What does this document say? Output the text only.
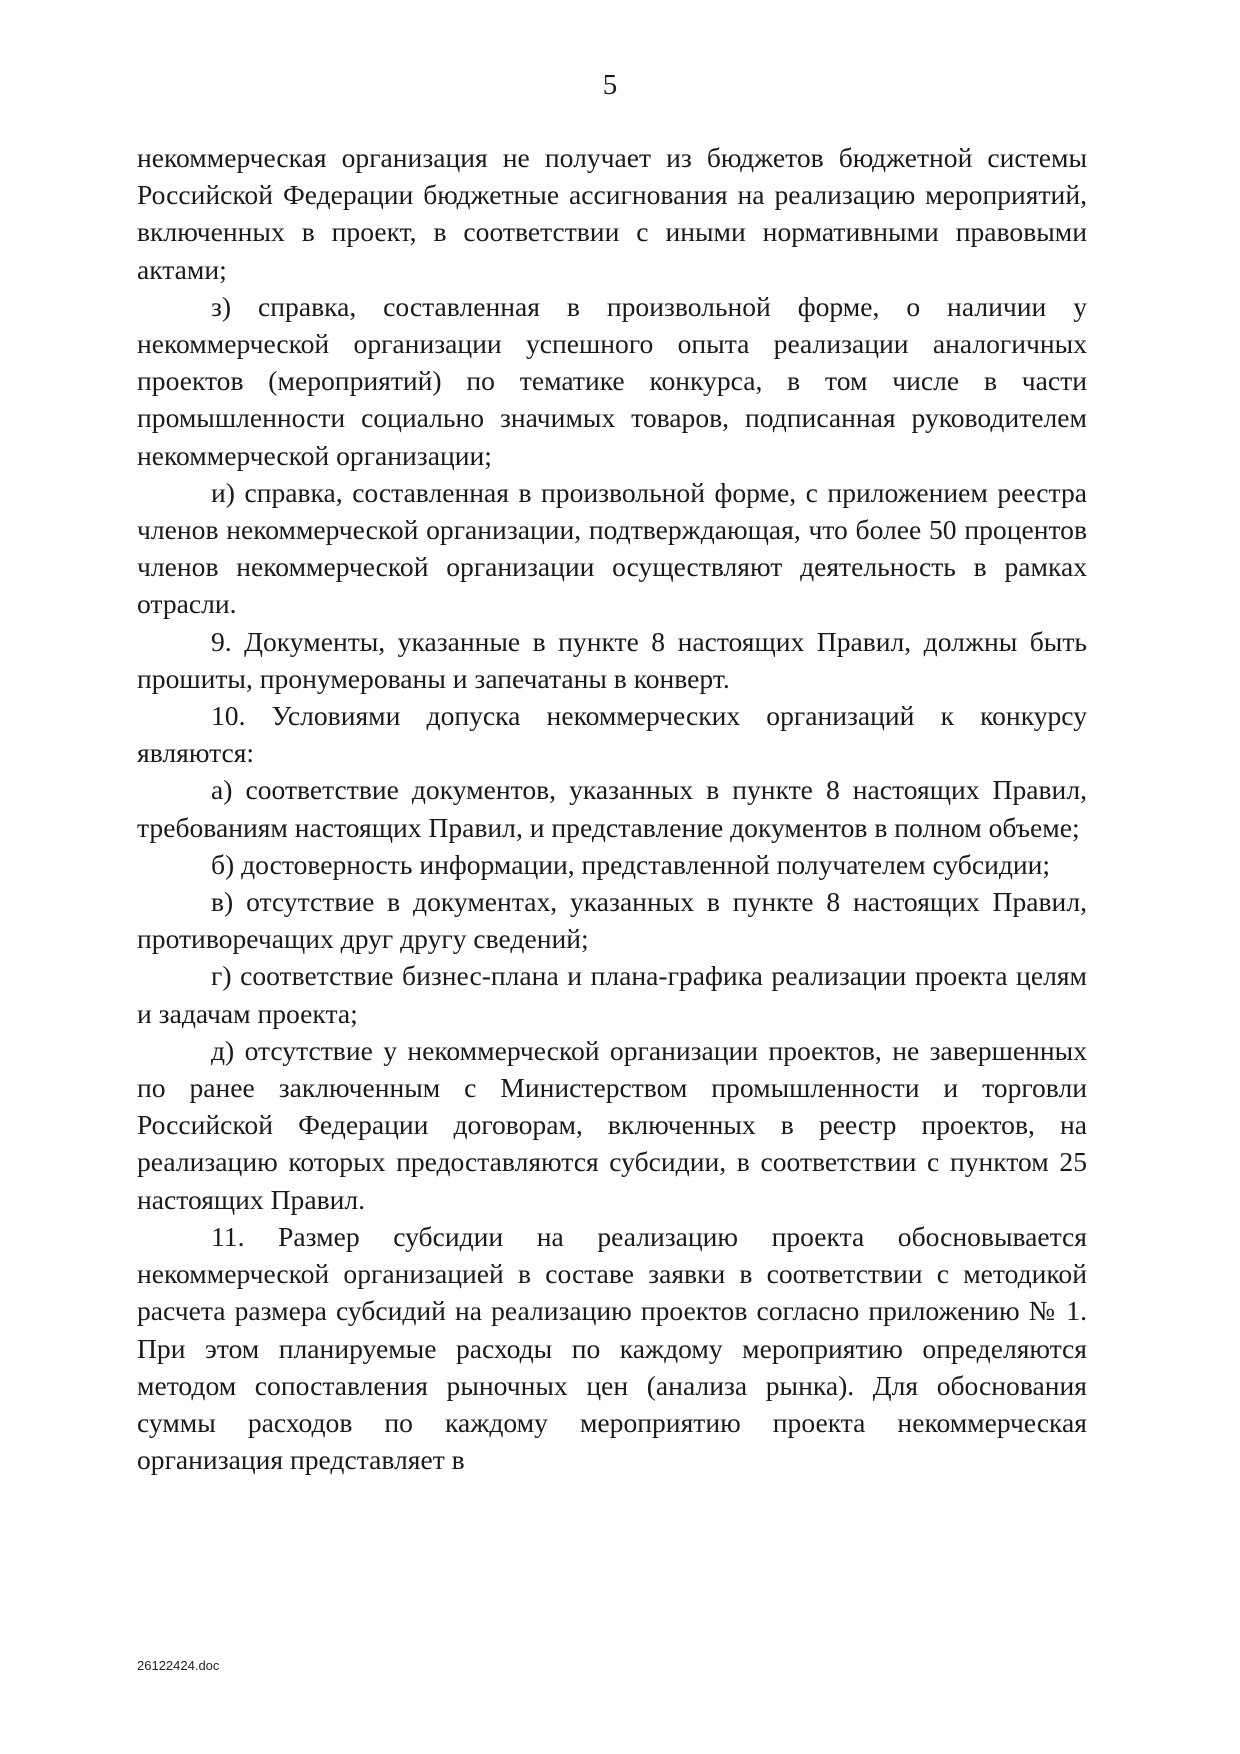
5

некоммерческая организация не получает из бюджетов бюджетной системы Российской Федерации бюджетные ассигнования на реализацию мероприятий, включенных в проект, в соответствии с иными нормативными правовыми актами;

з) справка, составленная в произвольной форме, о наличии у некоммерческой организации успешного опыта реализации аналогичных проектов (мероприятий) по тематике конкурса, в том числе в части промышленности социально значимых товаров, подписанная руководителем некоммерческой организации;

и) справка, составленная в произвольной форме, с приложением реестра членов некоммерческой организации, подтверждающая, что более 50 процентов членов некоммерческой организации осуществляют деятельность в рамках отрасли.

9. Документы, указанные в пункте 8 настоящих Правил, должны быть прошиты, пронумерованы и запечатаны в конверт.

10. Условиями допуска некоммерческих организаций к конкурсу являются:

а) соответствие документов, указанных в пункте 8 настоящих Правил, требованиям настоящих Правил, и представление документов в полном объеме;

б) достоверность информации, представленной получателем субсидии;

в) отсутствие в документах, указанных в пункте 8 настоящих Правил, противоречащих друг другу сведений;

г) соответствие бизнес-плана и плана-графика реализации проекта целям и задачам проекта;

д) отсутствие у некоммерческой организации проектов, не завершенных по ранее заключенным с Министерством промышленности и торговли Российской Федерации договорам, включенных в реестр проектов, на реализацию которых предоставляются субсидии, в соответствии с пунктом 25 настоящих Правил.

11. Размер субсидии на реализацию проекта обосновывается некоммерческой организацией в составе заявки в соответствии с методикой расчета размера субсидий на реализацию проектов согласно приложению № 1. При этом планируемые расходы по каждому мероприятию определяются методом сопоставления рыночных цен (анализа рынка). Для обоснования суммы расходов по каждому мероприятию проекта некоммерческая организация представляет в

26122424.doc
